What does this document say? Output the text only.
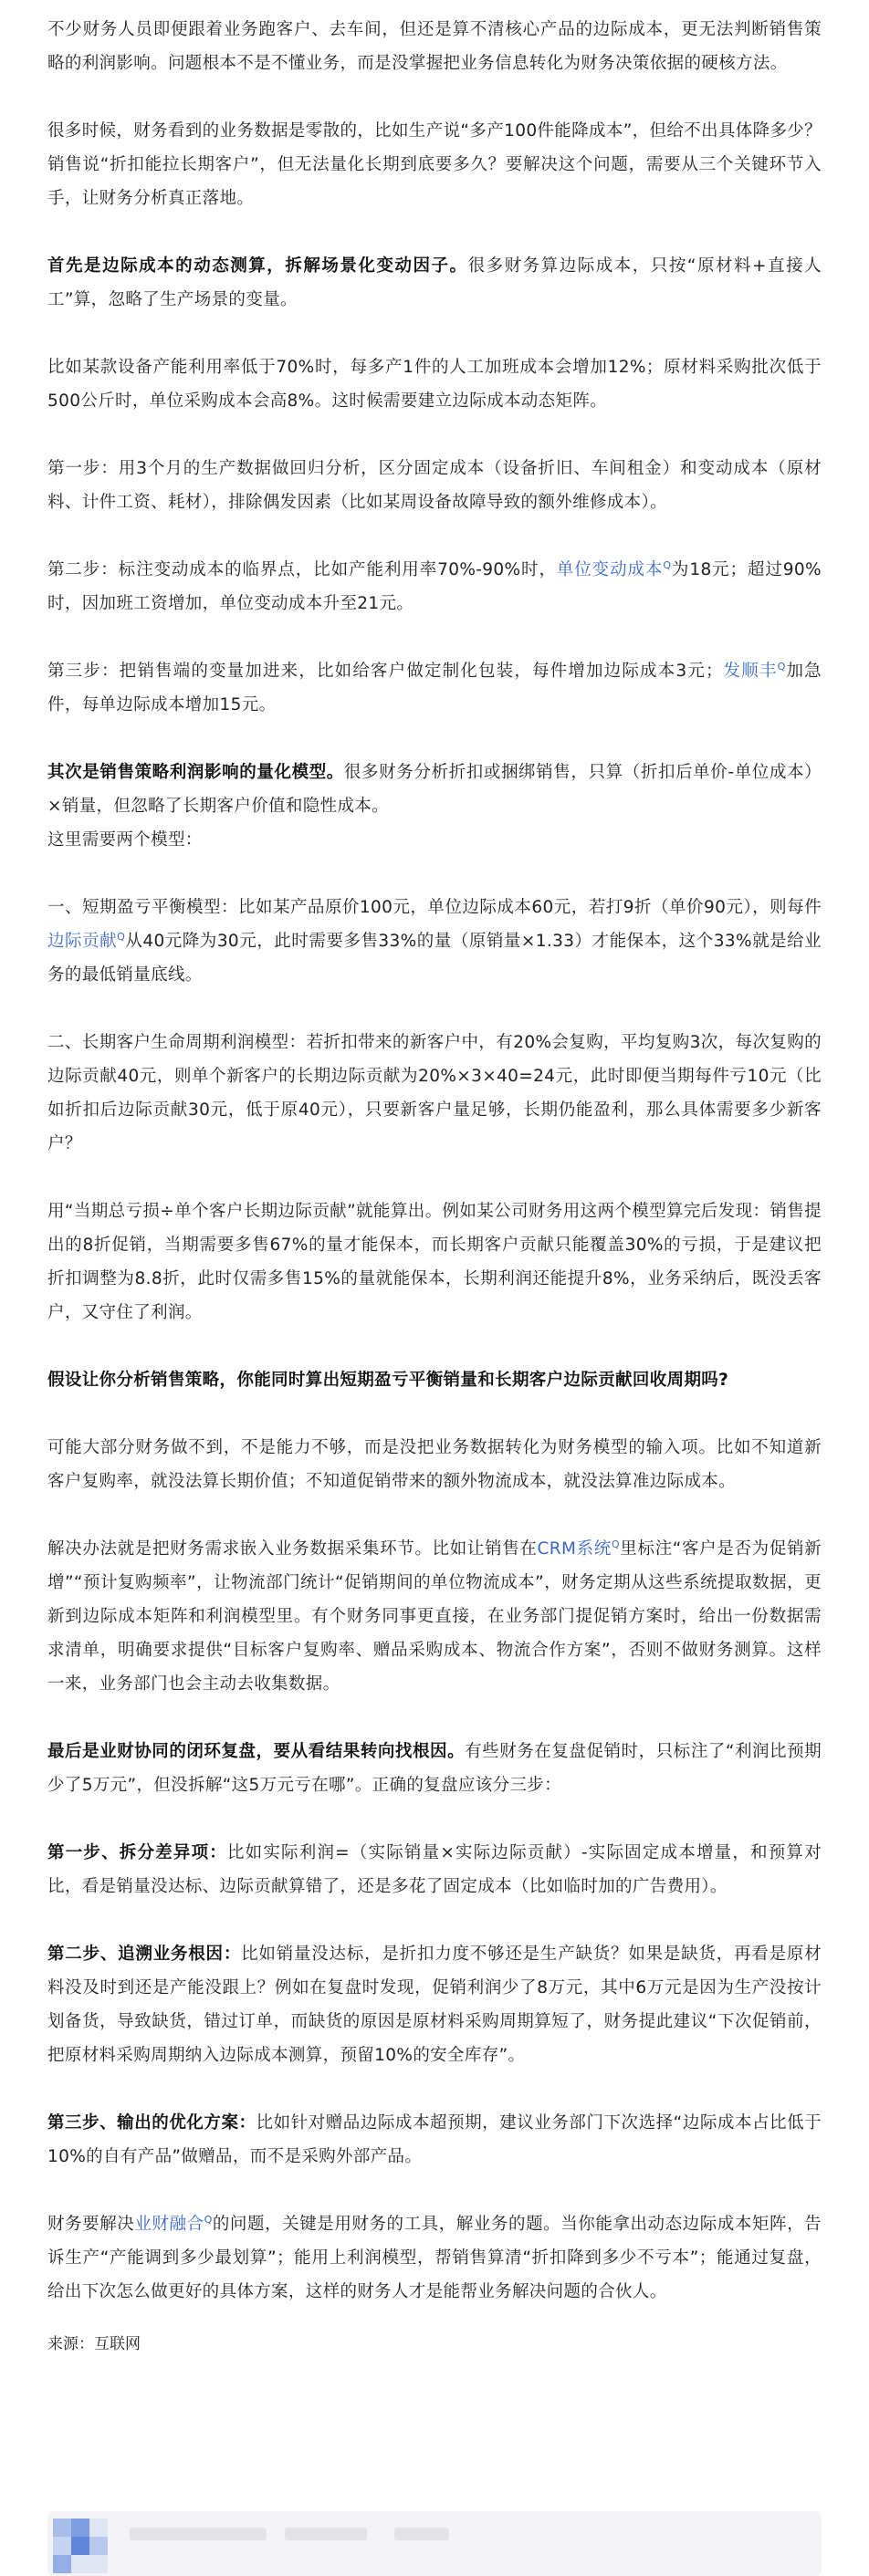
不少财务人员即便跟着业务跑客户、去车间，但还是算不清核心产品的边际成本，更无法判断销售策略的利润影响。问题根本不是不懂业务，而是没掌握把业务信息转化为财务决策依据的硬核方法。

很多时候，财务看到的业务数据是零散的，比如生产说“多产100件能降成本”，但给不出具体降多少？销售说“折扣能拉长期客户”，但无法量化长期到底要多久？要解决这个问题，需要从三个关键环节入手，让财务分析真正落地。

首先是边际成本的动态测算，拆解场景化变动因子。很多财务算边际成本，只按“原材料+直接人工”算，忽略了生产场景的变量。

比如某款设备产能利用率低于70%时，每多产1件的人工加班成本会增加12%；原材料采购批次低于500公斤时，单位采购成本会高8%。这时候需要建立边际成本动态矩阵。

第一步：用3个月的生产数据做回归分析，区分固定成本（设备折旧、车间租金）和变动成本（原材料、计件工资、耗材），排除偶发因素（比如某周设备故障导致的额外维修成本）。

第二步：标注变动成本的临界点，比如产能利用率70%-90%时，单位变动成本$^Q$为18元；超过90%时，因加班工资增加，单位变动成本升至21元。

第三步：把销售端的变量加进来，比如给客户做定制化包装，每件增加边际成本3元；发顺丰$^Q$加急件，每单边际成本增加15元。

其次是销售策略利润影响的量化模型。很多财务分析折扣或捆绑销售，只算（折扣后单价-单位成本）×销量，但忽略了长期客户价值和隐性成本。

这里需要两个模型：

一、短期盈亏平衡模型：比如某产品原价100元，单位边际成本60元，若打9折（单价90元），则每件边际贡献$^Q$从40元降为30元，此时需要多售33%的量（原销量×1.33）才能保本，这个33%就是给业务的最低销量底线。

二、长期客户生命周期利润模型：若折扣带来的新客户中，有20%会复购，平均复购3次，每次复购的边际贡献40元，则单个新客户的长期边际贡献为20%×3×40=24元，此时即便当期每件亏10元（比如折扣后边际贡献30元，低于原40元），只要新客户量足够，长期仍能盈利，那么具体需要多少新客户？

用“当期总亏损÷单个客户长期边际贡献”就能算出。例如某公司财务用这两个模型算完后发现：销售提出的8折促销，当期需要多售67%的量才能保本，而长期客户贡献只能覆盖30%的亏损，于是建议把折扣调整为8.8折，此时仅需多售15%的量就能保本，长期利润还能提升8%，业务采纳后，既没丢客户，又守住了利润。

假设让你分析销售策略，你能同时算出短期盈亏平衡销量和长期客户边际贡献回收周期吗?

可能大部分财务做不到，不是能力不够，而是没把业务数据转化为财务模型的输入项。比如不知道新客户复购率，就没法算长期价值；不知道促销带来的额外物流成本，就没法算准边际成本。

解决办法就是把财务需求嵌入业务数据采集环节。比如让销售在CRM系统$^Q$里标注“客户是否为促销新增”“预计复购频率”，让物流部门统计“促销期间的单位物流成本”，财务定期从这些系统提取数据，更新到边际成本矩阵和利润模型里。有个财务同事更直接，在业务部门提促销方案时，给出一份数据需求清单，明确要求提供“目标客户复购率、赠品采购成本、物流合作方案”，否则不做财务测算。这样一来，业务部门也会主动去收集数据。

最后是业财协同的闭环复盘，要从看结果转向找根因。有些财务在复盘促销时，只标注了“利润比预期少了5万元”，但没拆解“这5万元亏在哪”。正确的复盘应该分三步：

第一步、拆分差异项：比如实际利润=（实际销量×实际边际贡献）-实际固定成本增量，和预算对比，看是销量没达标、边际贡献算错了，还是多花了固定成本（比如临时加的广告费用）。

第二步、追溯业务根因：比如销量没达标，是折扣力度不够还是生产缺货？如果是缺货，再看是原材料没及时到还是产能没跟上？例如在复盘时发现，促销利润少了8万元，其中6万元是因为生产没按计划备货，导致缺货，错过订单，而缺货的原因是原材料采购周期算短了，财务提此建议“下次促销前，把原材料采购周期纳入边际成本测算，预留10%的安全库存”。

第三步、输出的优化方案：比如针对赠品边际成本超预期，建议业务部门下次选择“边际成本占比低于10%的自有产品”做赠品，而不是采购外部产品。

财务要解决业财融合$^Q$的问题，关键是用财务的工具，解业务的题。当你能拿出动态边际成本矩阵，告诉生产“产能调到多少最划算”；能用上利润模型，帮销售算清“折扣降到多少不亏本”；能通过复盘，给出下次怎么做更好的具体方案，这样的财务人才是能帮业务解决问题的合伙人。

来源：互联网
